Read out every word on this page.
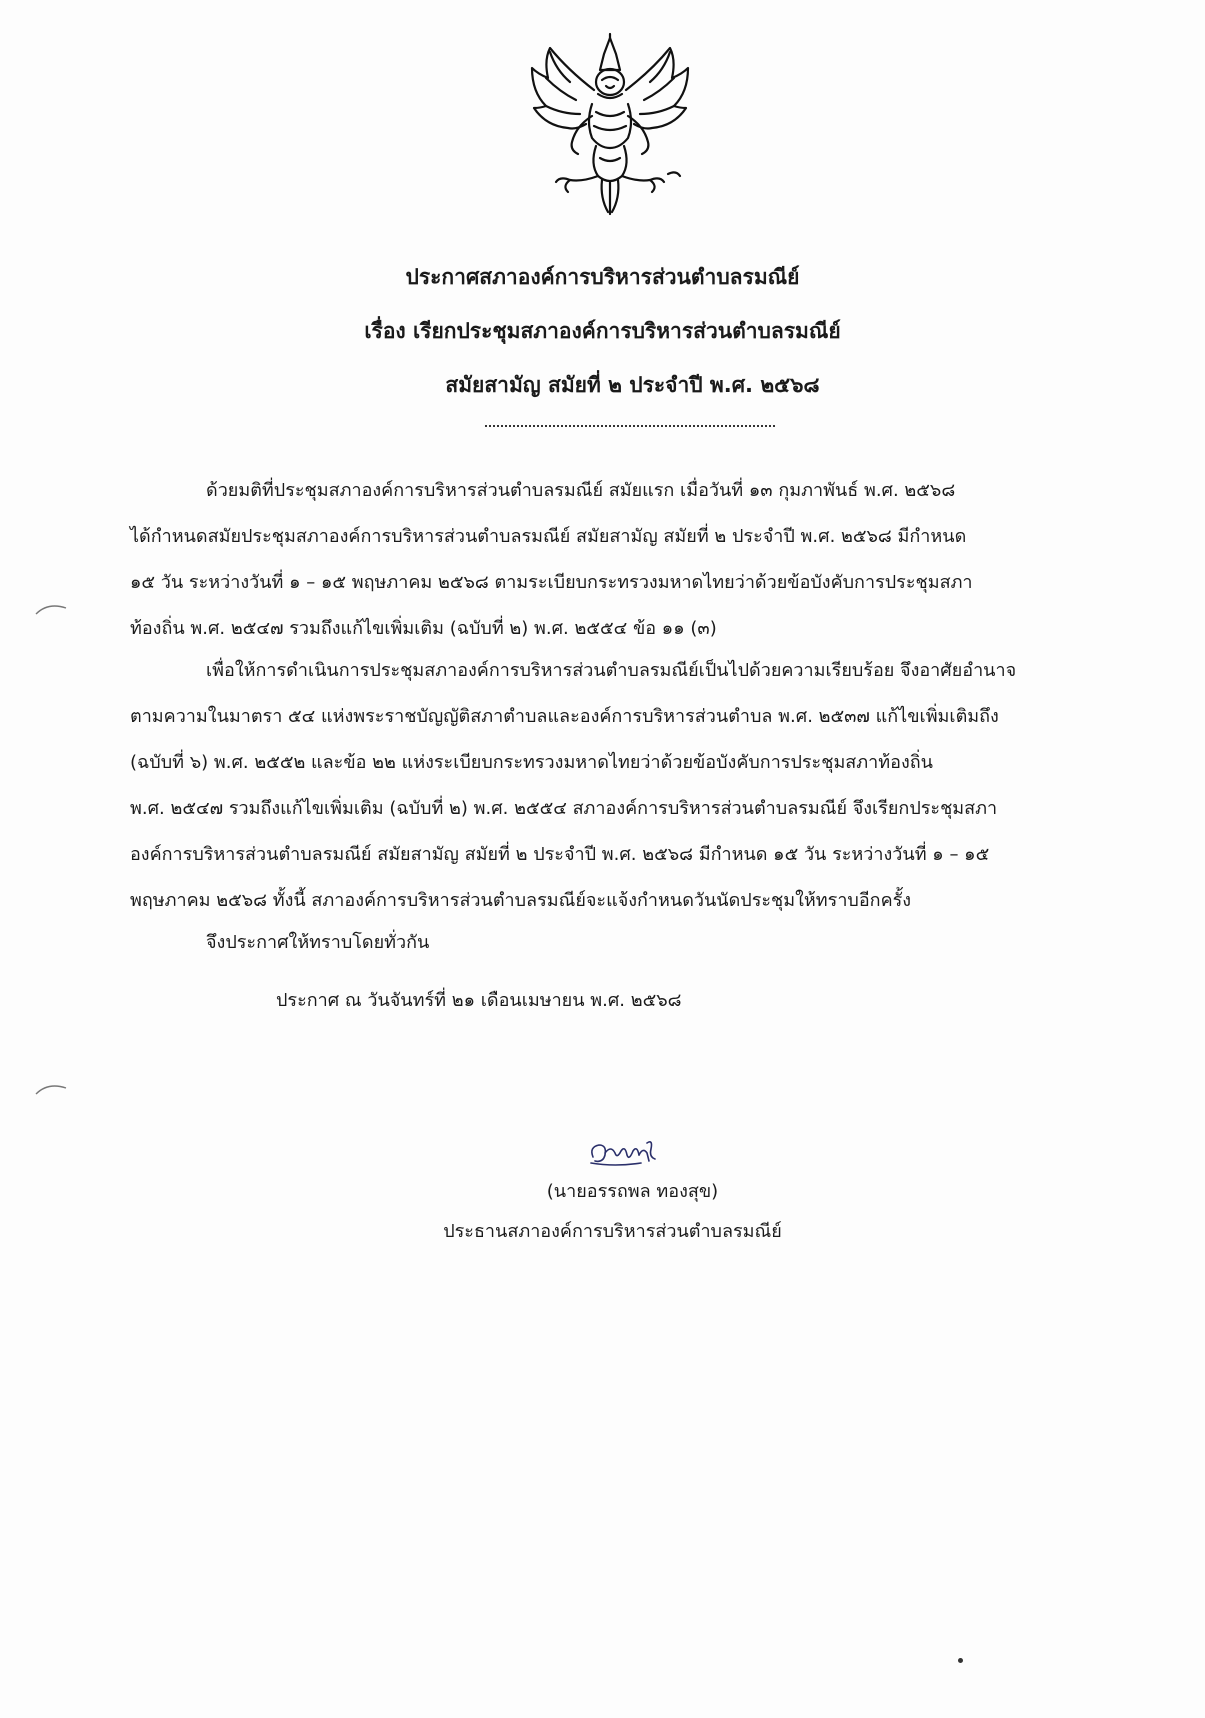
ประกาศสภาองค์การบริหารส่วนตำบลรมณีย์
เรื่อง เรียกประชุมสภาองค์การบริหารส่วนตำบลรมณีย์
สมัยสามัญ สมัยที่ ๒ ประจำปี พ.ศ. ๒๕๖๘
ด้วยมติที่ประชุมสภาองค์การบริหารส่วนตำบลรมณีย์ สมัยแรก เมื่อวันที่ ๑๓ กุมภาพันธ์ พ.ศ. ๒๕๖๘
ได้กำหนดสมัยประชุมสภาองค์การบริหารส่วนตำบลรมณีย์ สมัยสามัญ สมัยที่ ๒ ประจำปี พ.ศ. ๒๕๖๘ มีกำหนด
๑๕ วัน ระหว่างวันที่ ๑ – ๑๕ พฤษภาคม ๒๕๖๘ ตามระเบียบกระทรวงมหาดไทยว่าด้วยข้อบังคับการประชุมสภา
ท้องถิ่น พ.ศ. ๒๕๔๗ รวมถึงแก้ไขเพิ่มเติม (ฉบับที่ ๒) พ.ศ. ๒๕๕๔ ข้อ ๑๑ (๓)
เพื่อให้การดำเนินการประชุมสภาองค์การบริหารส่วนตำบลรมณีย์เป็นไปด้วยความเรียบร้อย จึงอาศัยอำนาจ
ตามความในมาตรา ๕๔ แห่งพระราชบัญญัติสภาตำบลและองค์การบริหารส่วนตำบล พ.ศ. ๒๕๓๗ แก้ไขเพิ่มเติมถึง
(ฉบับที่ ๖) พ.ศ. ๒๕๕๒ และข้อ ๒๒ แห่งระเบียบกระทรวงมหาดไทยว่าด้วยข้อบังคับการประชุมสภาท้องถิ่น
พ.ศ. ๒๕๔๗ รวมถึงแก้ไขเพิ่มเติม (ฉบับที่ ๒) พ.ศ. ๒๕๕๔ สภาองค์การบริหารส่วนตำบลรมณีย์ จึงเรียกประชุมสภา
องค์การบริหารส่วนตำบลรมณีย์ สมัยสามัญ สมัยที่ ๒ ประจำปี พ.ศ. ๒๕๖๘ มีกำหนด ๑๕ วัน ระหว่างวันที่ ๑ – ๑๕
พฤษภาคม ๒๕๖๘ ทั้งนี้ สภาองค์การบริหารส่วนตำบลรมณีย์จะแจ้งกำหนดวันนัดประชุมให้ทราบอีกครั้ง
จึงประกาศให้ทราบโดยทั่วกัน
ประกาศ ณ วันจันทร์ที่ ๒๑ เดือนเมษายน พ.ศ. ๒๕๖๘
(นายอรรถพล ทองสุข)
ประธานสภาองค์การบริหารส่วนตำบลรมณีย์
